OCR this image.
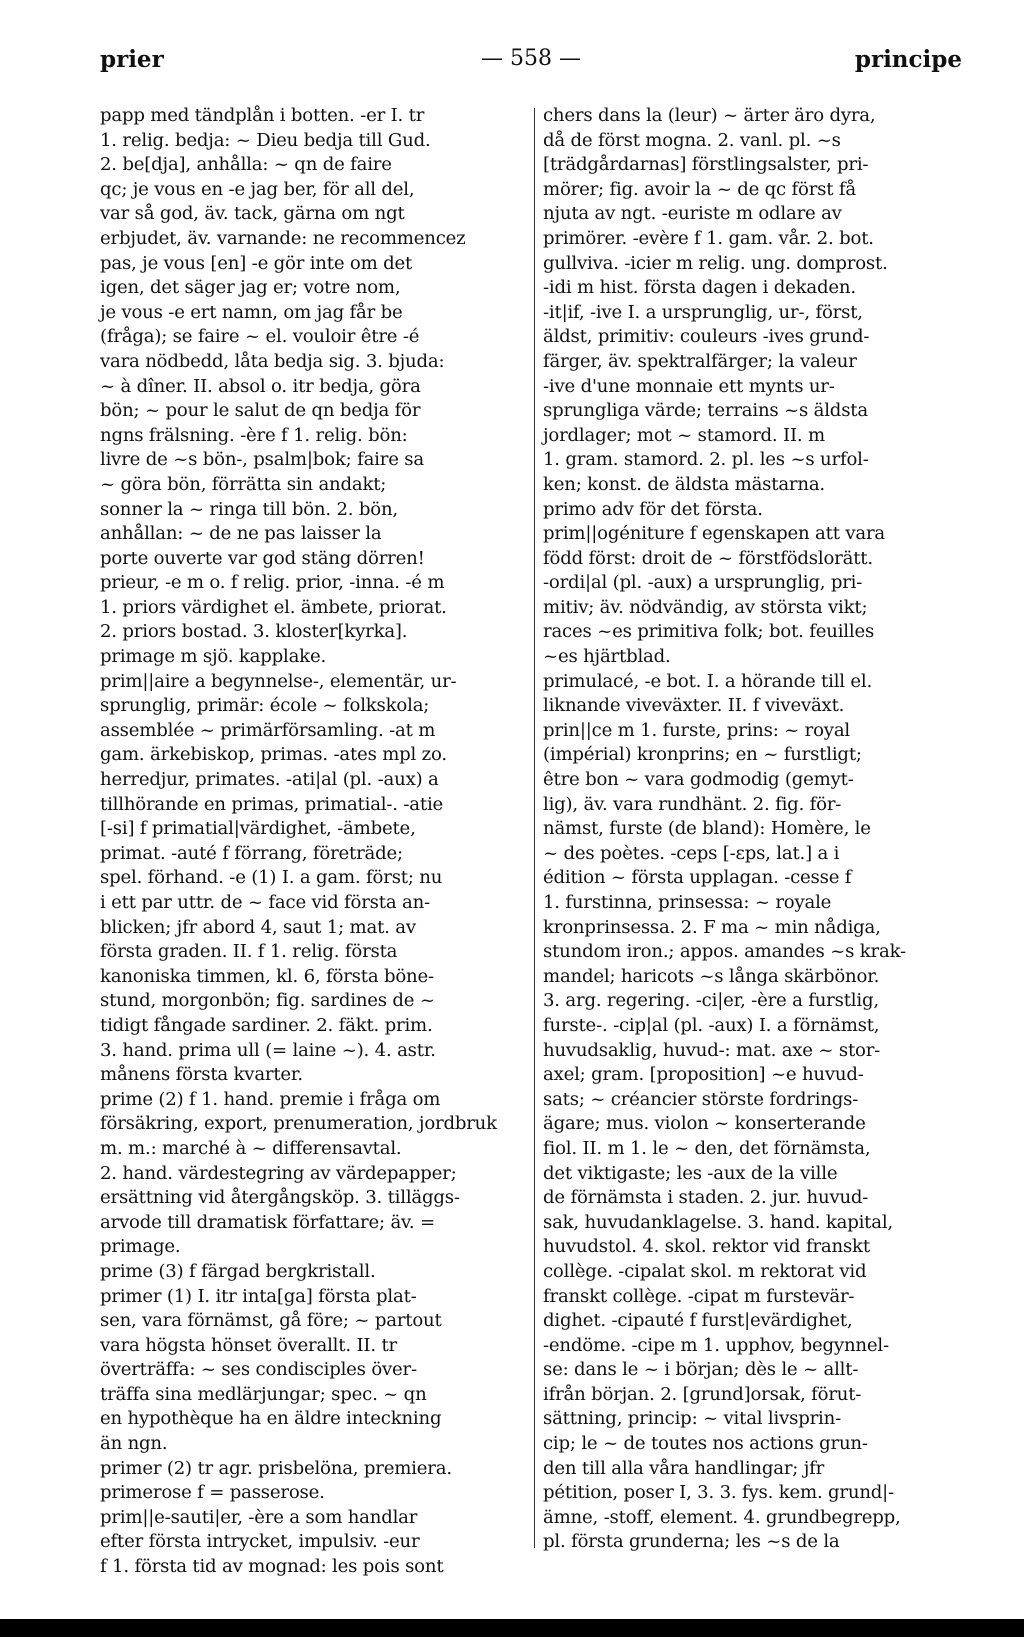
prier	— 558 —	principe
papp med tändplån i botten. -er I. tr
1. relig. bedja: ~ Dieu bedja till Gud.
2. be[dja], anhålla: ~ qn de faire
qc; je vous en -e jag ber, för all del,
var så god, äv. tack, gärna om ngt
erbjudet, äv. varnande: ne recommencez
pas, je vous [en] -e gör inte om det
igen, det säger jag er; votre nom,
je vous -e ert namn, om jag får be
(fråga); se faire ~ el. vouloir être -é
vara nödbedd, låta bedja sig. 3. bjuda:
~ à dîner. II. absol o. itr bedja, göra
bön; ~ pour le salut de qn bedja för
ngns frälsning. -ère f 1. relig. bön:
livre de ~s bön-, psalm|bok; faire sa
~ göra bön, förrätta sin andakt;
sonner la ~ ringa till bön. 2. bön,
anhållan: ~ de ne pas laisser la
porte ouverte var god stäng dörren!
prieur, -e m o. f relig. prior, -inna. -é m
1. priors värdighet el. ämbete, priorat.
2. priors bostad. 3. kloster[kyrka].
primage m sjö. kapplake.
prim||aire a begynnelse-, elementär, ur-
sprunglig, primär: école ~ folkskola;
assemblée ~ primärförsamling. -at m
gam. ärkebiskop, primas. -ates mpl zo.
herredjur, primates. -ati|al (pl. -aux) a
tillhörande en primas, primatial-. -atie
[-si] f primatial|värdighet, -ämbete,
primat. -auté f förrang, företräde;
spel. förhand. -e (1) I. a gam. först; nu
i ett par uttr. de ~ face vid första an-
blicken; jfr abord 4, saut 1; mat. av
första graden. II. f 1. relig. första
kanoniska timmen, kl. 6, första böne-
stund, morgonbön; fig. sardines de ~
tidigt fångade sardiner. 2. fäkt. prim.
3. hand. prima ull (= laine ~). 4. astr.
månens första kvarter.
prime (2) f 1. hand. premie i fråga om
försäkring, export, prenumeration, jordbruk
m. m.: marché à ~ differensavtal.
2. hand. värdestegring av värdepapper;
ersättning vid återgångsköp. 3. tilläggs-
arvode till dramatisk författare; äv. =
primage.
prime (3) f färgad bergkristall.
primer (1) I. itr inta[ga] första plat-
sen, vara förnämst, gå före; ~ partout
vara högsta hönset överallt. II. tr
överträffa: ~ ses condisciples över-
träffa sina medlärjungar; spec. ~ qn
en hypothèque ha en äldre inteckning
än ngn.
primer (2) tr agr. prisbelöna, premiera.
primerose f = passerose.
prim||e-sauti|er, -ère a som handlar
efter första intrycket, impulsiv. -eur
f 1. första tid av mognad: les pois sont
chers dans la (leur) ~ ärter äro dyra,
då de först mogna. 2. vanl. pl. ~s
[trädgårdarnas] förstlingsalster, pri-
mörer; fig. avoir la ~ de qc först få
njuta av ngt. -euriste m odlare av
primörer. -evère f 1. gam. vår. 2. bot.
gullviva. -icier m relig. ung. domprost.
-idi m hist. första dagen i dekaden.
-it|if, -ive I. a ursprunglig, ur-, först,
äldst, primitiv: couleurs -ives grund-
färger, äv. spektralfärger; la valeur
-ive d'une monnaie ett mynts ur-
sprungliga värde; terrains ~s äldsta
jordlager; mot ~ stamord. II. m
1. gram. stamord. 2. pl. les ~s urfol-
ken; konst. de äldsta mästarna.
primo adv för det första.
prim||ogéniture f egenskapen att vara
född först: droit de ~ förstfödslorätt.
-ordi|al (pl. -aux) a ursprunglig, pri-
mitiv; äv. nödvändig, av största vikt;
races ~es primitiva folk; bot. feuilles
~es hjärtblad.
primulacé, -e bot. I. a hörande till el.
liknande viveväxter. II. f viveväxt.
prin||ce m 1. furste, prins: ~ royal
(impérial) kronprins; en ~ furstligt;
être bon ~ vara godmodig (gemyt-
lig), äv. vara rundhänt. 2. fig. för-
nämst, furste (de bland): Homère, le
~ des poètes. -ceps [-εps, lat.] a i
édition ~ första upplagan. -cesse f
1. furstinna, prinsessa: ~ royale
kronprinsessa. 2. F ma ~ min nådiga,
stundom iron.; appos. amandes ~s krak-
mandel; haricots ~s långa skärbönor.
3. arg. regering. -ci|er, -ère a furstlig,
furste-. -cip|al (pl. -aux) I. a förnämst,
huvudsaklig, huvud-: mat. axe ~ stor-
axel; gram. [proposition] ~e huvud-
sats; ~ créancier störste fordrings-
ägare; mus. violon ~ konserterande
fiol. II. m 1. le ~ den, det förnämsta,
det viktigaste; les -aux de la ville
de förnämsta i staden. 2. jur. huvud-
sak, huvudanklagelse. 3. hand. kapital,
huvudstol. 4. skol. rektor vid franskt
collège. -cipalat skol. m rektorat vid
franskt collège. -cipat m furstevär-
dighet. -cipauté f furst|evärdighet,
-endöme. -cipe m 1. upphov, begynnel-
se: dans le ~ i början; dès le ~ allt-
ifrån början. 2. [grund]orsak, förut-
sättning, princip: ~ vital livsprin-
cip; le ~ de toutes nos actions grun-
den till alla våra handlingar; jfr
pétition, poser I, 3. 3. fys. kem. grund|-
ämne, -stoff, element. 4. grundbegrepp,
pl. första grunderna; les ~s de la
